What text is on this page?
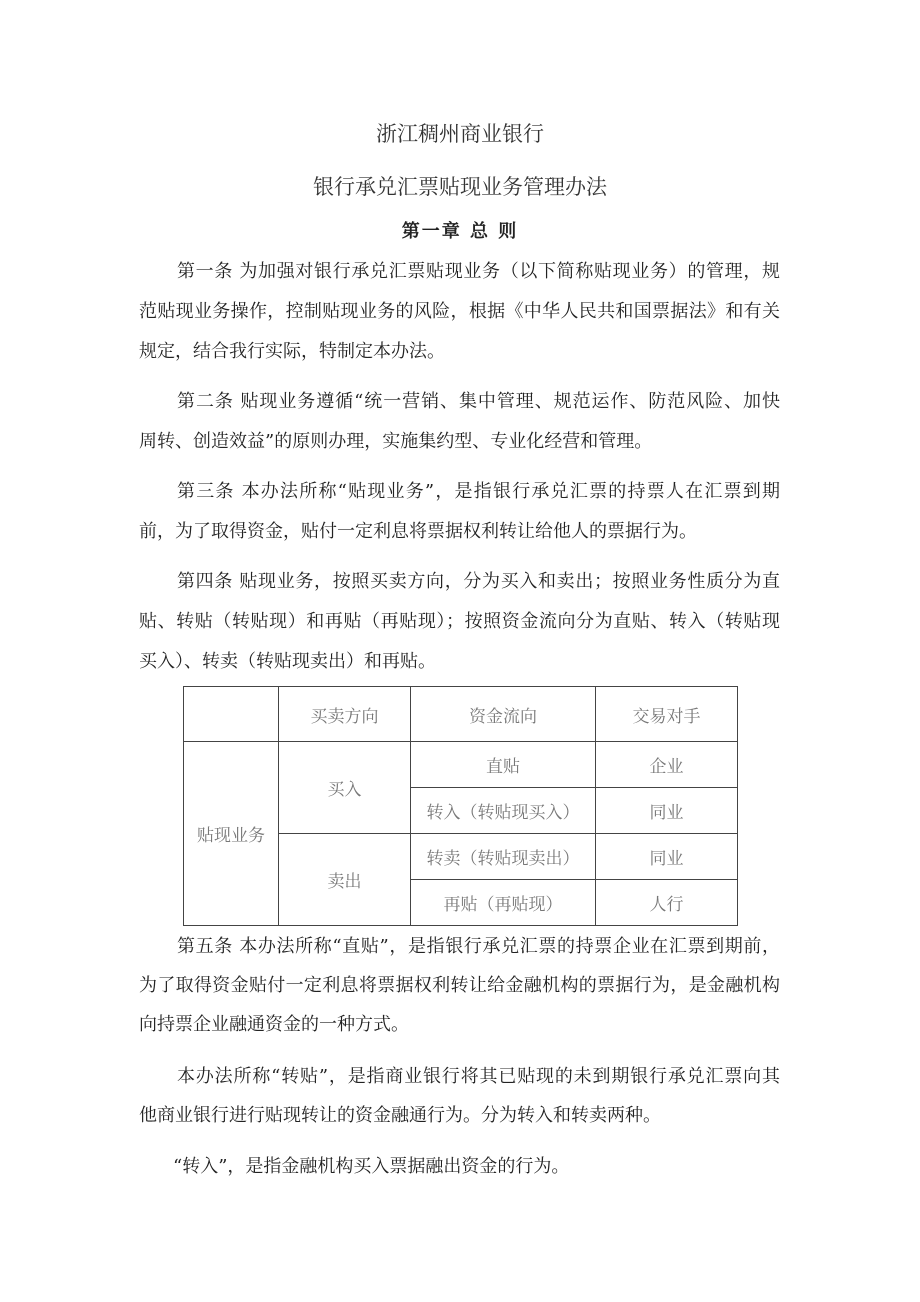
浙江稠州商业银行
银行承兑汇票贴现业务管理办法
第一章 总 则
第一条 为加强对银行承兑汇票贴现业务（以下简称贴现业务）的管理，规
范贴现业务操作，控制贴现业务的风险，根据《中华人民共和国票据法》和有关
规定，结合我行实际，特制定本办法。
第二条 贴现业务遵循“统一营销、集中管理、规范运作、防范风险、加快
周转、创造效益”的原则办理，实施集约型、专业化经营和管理。
第三条 本办法所称“贴现业务”，是指银行承兑汇票的持票人在汇票到期
前，为了取得资金，贴付一定利息将票据权利转让给他人的票据行为。
第四条 贴现业务，按照买卖方向，分为买入和卖出；按照业务性质分为直
贴、转贴（转贴现）和再贴（再贴现）；按照资金流向分为直贴、转入（转贴现
买入）、转卖（转贴现卖出）和再贴。
	买卖方向	资金流向	交易对手
贴现业务	买入	直贴	企业
		转入（转贴现买入）	同业
	卖出	转卖（转贴现卖出）	同业
		再贴（再贴现）	人行
第五条 本办法所称“直贴”，是指银行承兑汇票的持票企业在汇票到期前，
为了取得资金贴付一定利息将票据权利转让给金融机构的票据行为，是金融机构
向持票企业融通资金的一种方式。
本办法所称“转贴”，是指商业银行将其已贴现的未到期银行承兑汇票向其
他商业银行进行贴现转让的资金融通行为。分为转入和转卖两种。
“转入”，是指金融机构买入票据融出资金的行为。
